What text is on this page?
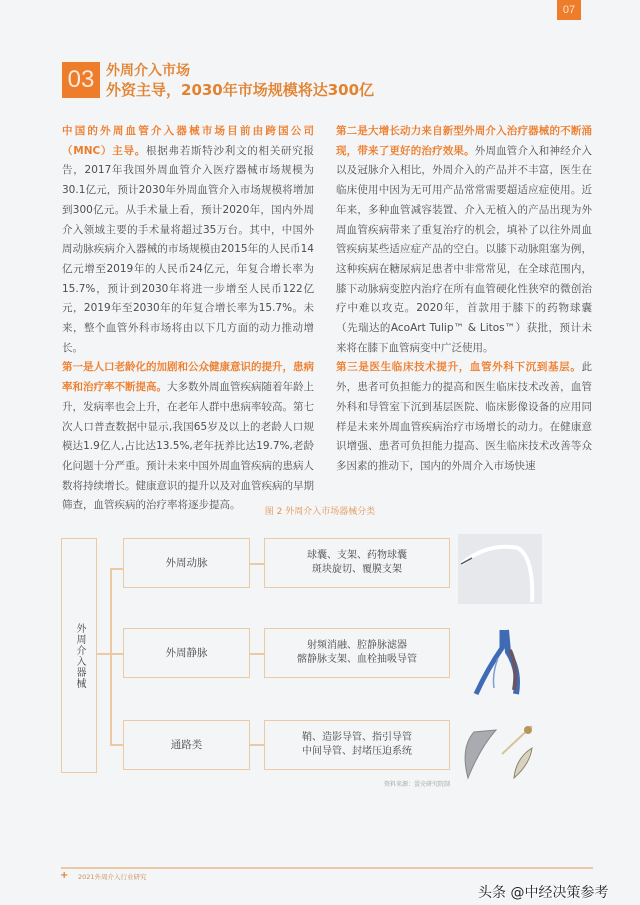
07
03 外周介入市场
外资主导，2030年市场规模将达300亿

中国的外周血管介入器械市场目前由跨国公司（MNC）主导。根据弗若斯特沙利文的相关研究报告，2017年我国外周血管介入医疗器械市场规模为30.1亿元，预计2030年外周血管介入市场规模将增加到300亿元。从手术量上看，预计2020年，国内外周介入领域主要的手术量将超过35万台。其中，中国外周动脉疾病介入器械的市场规模由2015年的人民币14亿元增至2019年的人民币24亿元，年复合增长率为15.7%，预计到2030年将进一步增至人民币122亿元，2019年至2030年的年复合增长率为15.7%。未来，整个血管外科市场将由以下几方面的动力推动增长。

第一是人口老龄化的加剧和公众健康意识的提升，患病率和治疗率不断提高。大多数外周血管疾病随着年龄上升，发病率也会上升，在老年人群中患病率较高。第七次人口普查数据中显示,我国65岁及以上的老龄人口规模达1.9亿人,占比达13.5%,老年抚养比达19.7%,老龄化问题十分严重。预计未来中国外周血管疾病的患病人数将持续增长。健康意识的提升以及对血管疾病的早期筛查，血管疾病的治疗率将逐步提高。

第二是大增长动力来自新型外周介入治疗器械的不断涌现，带来了更好的治疗效果。外周血管介入和神经介入以及冠脉介入相比，外周介入的产品并不丰富，医生在临床使用中因为无可用产品常常需要超适应症使用。近年来，多种血管减容装置、介入无植入的产品出现为外周血管疾病带来了重复治疗的机会，填补了以往外周血管疾病某些适应症产品的空白。以膝下动脉阻塞为例，这种疾病在糖尿病足患者中非常常见，在全球范围内，膝下动脉病变腔内治疗在所有血管硬化性狭窄的微创治疗中难以攻克。2020年，首款用于膝下的药物球囊（先瑞达的AcoArt Tulip™ & Litos™）获批，预计未来将在膝下血管病变中广泛使用。

第三是医生临床技术提升，血管外科下沉到基层。此外，患者可负担能力的提高和医生临床技术改善，血管外科和导管室下沉到基层医院、临床影像设备的应用同样是未来外周血管疾病治疗市场增长的动力。在健康意识增强、患者可负担能力提高、医生临床技术改善等众多因素的推动下，国内的外周介入市场快速

图 2 外周介入市场器械分类
外周介入器械
外周动脉
球囊、支架、药物球囊
斑块旋切、覆膜支架
外周静脉
射频消融、腔静脉滤器
髂静脉支架、血栓抽吸导管
通路类
鞘、造影导管、指引导管
中间导管、封堵压迫系统
资料来源：蛋壳研究院制
+ 2021外周介入行业研究
头条 @中经决策参考
